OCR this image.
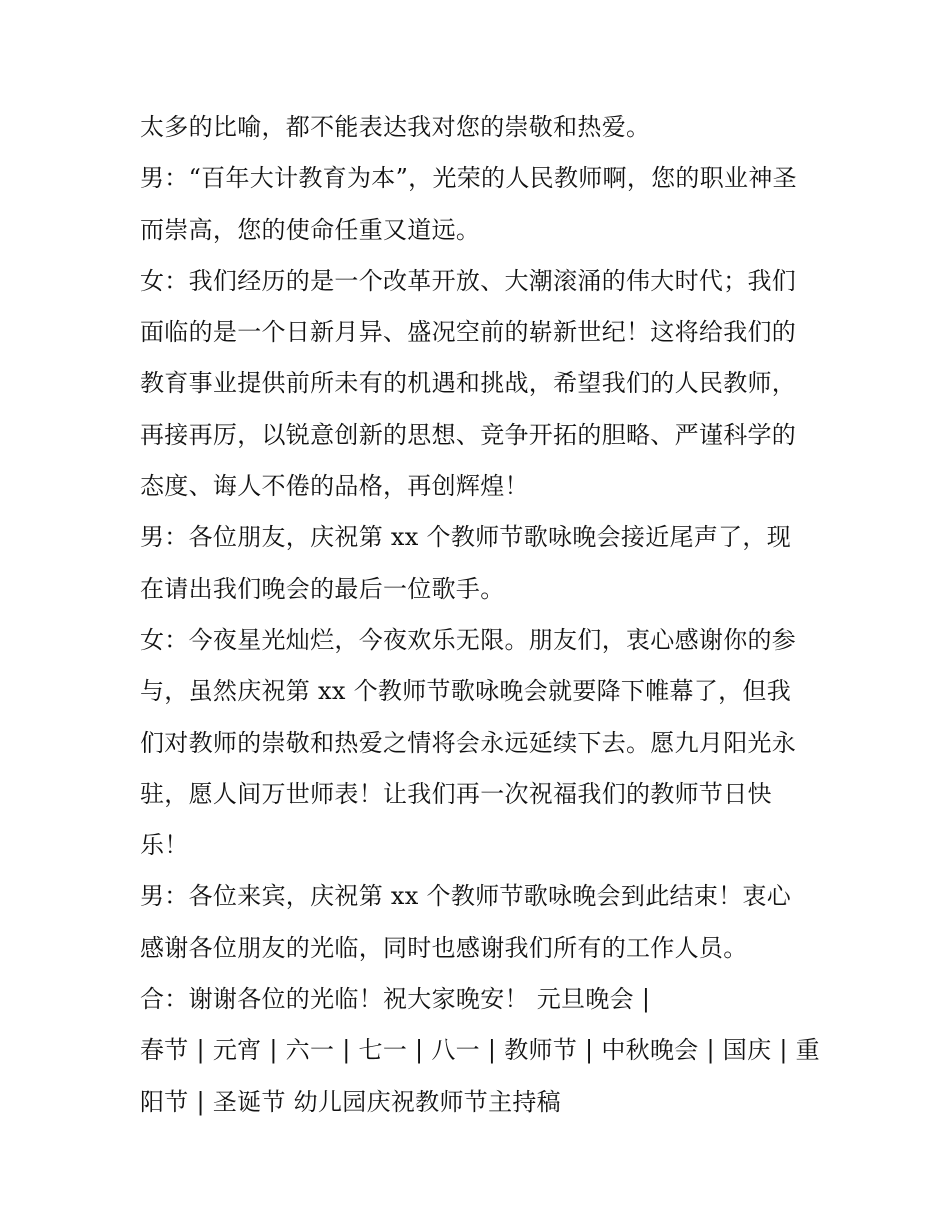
太多的比喻，都不能表达我对您的崇敬和热爱。
男：“百年大计教育为本”，光荣的人民教师啊，您的职业神圣
而崇高，您的使命任重又道远。
女：我们经历的是一个改革开放、大潮滚涌的伟大时代；我们
面临的是一个日新月异、盛况空前的崭新世纪！这将给我们的
教育事业提供前所未有的机遇和挑战，希望我们的人民教师，
再接再厉，以锐意创新的思想、竞争开拓的胆略、严谨科学的
态度、诲人不倦的品格，再创辉煌！
男：各位朋友，庆祝第 xx 个教师节歌咏晚会接近尾声了，现
在请出我们晚会的最后一位歌手。
女：今夜星光灿烂，今夜欢乐无限。朋友们，衷心感谢你的参
与，虽然庆祝第 xx 个教师节歌咏晚会就要降下帷幕了，但我
们对教师的崇敬和热爱之情将会永远延续下去。愿九月阳光永
驻，愿人间万世师表！让我们再一次祝福我们的教师节日快
乐！
男：各位来宾，庆祝第 xx 个教师节歌咏晚会到此结束！衷心
感谢各位朋友的光临，同时也感谢我们所有的工作人员。
合：谢谢各位的光临！祝大家晚安！ 元旦晚会 |
春节 | 元宵 | 六一 | 七一 | 八一 | 教师节 | 中秋晚会 | 国庆 | 重
阳节 | 圣诞节 幼儿园庆祝教师节主持稿
